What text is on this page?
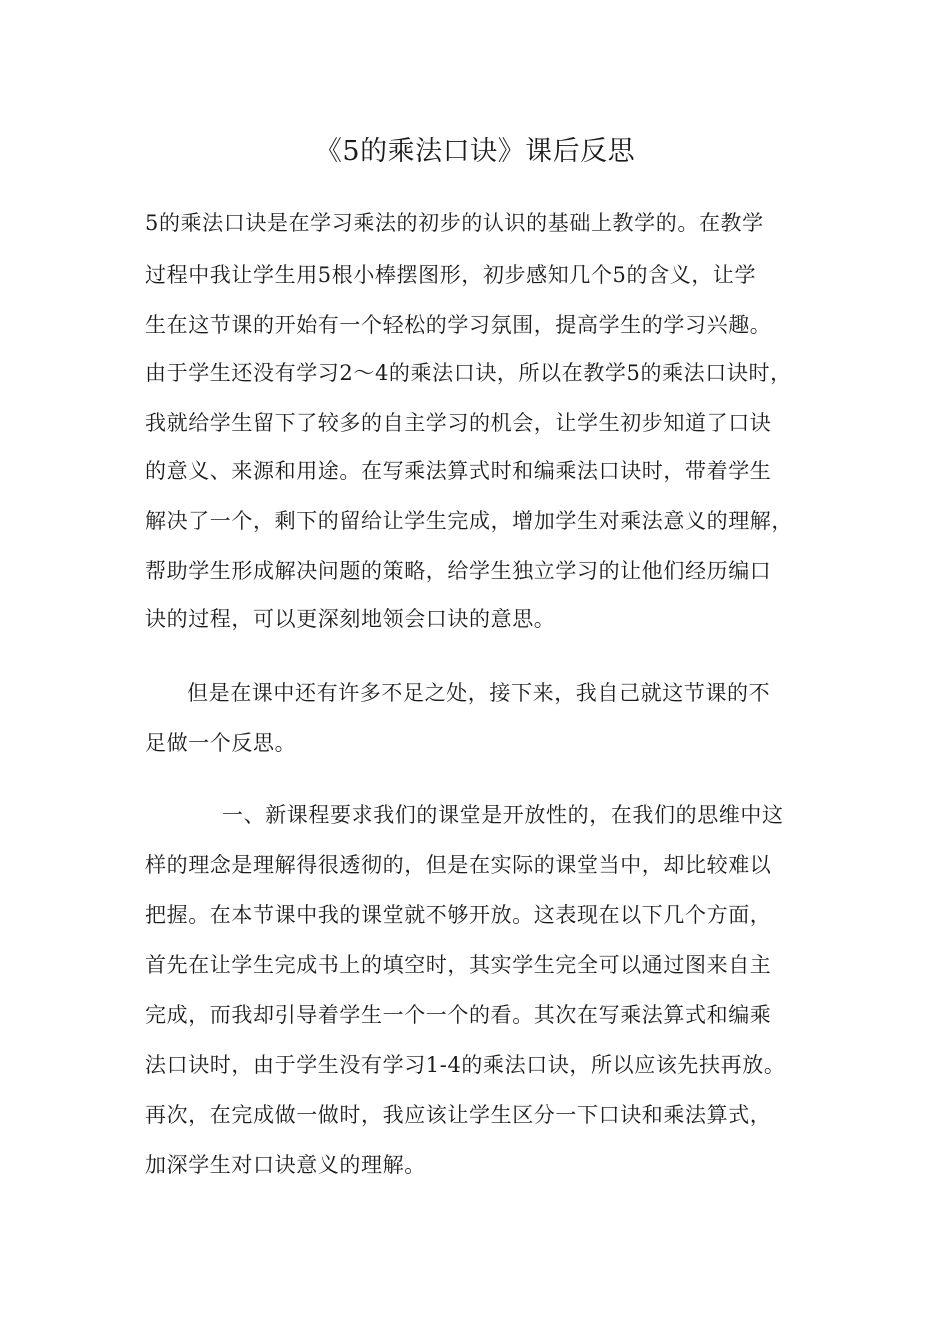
《5的乘法口诀》课后反思
5的乘法口诀是在学习乘法的初步的认识的基础上教学的。在教学
过程中我让学生用5根小棒摆图形，初步感知几个5的含义，让学
生在这节课的开始有一个轻松的学习氛围，提高学生的学习兴趣。
由于学生还没有学习2～4的乘法口诀，所以在教学5的乘法口诀时，
我就给学生留下了较多的自主学习的机会，让学生初步知道了口诀
的意义、来源和用途。在写乘法算式时和编乘法口诀时，带着学生
解决了一个，剩下的留给让学生完成，增加学生对乘法意义的理解，
帮助学生形成解决问题的策略，给学生独立学习的让他们经历编口
诀的过程，可以更深刻地领会口诀的意思。
但是在课中还有许多不足之处，接下来，我自己就这节课的不
足做一个反思。
一、新课程要求我们的课堂是开放性的，在我们的思维中这
样的理念是理解得很透彻的，但是在实际的课堂当中，却比较难以
把握。在本节课中我的课堂就不够开放。这表现在以下几个方面，
首先在让学生完成书上的填空时，其实学生完全可以通过图来自主
完成，而我却引导着学生一个一个的看。其次在写乘法算式和编乘
法口诀时，由于学生没有学习1-4的乘法口诀，所以应该先扶再放。
再次，在完成做一做时，我应该让学生区分一下口诀和乘法算式，
加深学生对口诀意义的理解。
